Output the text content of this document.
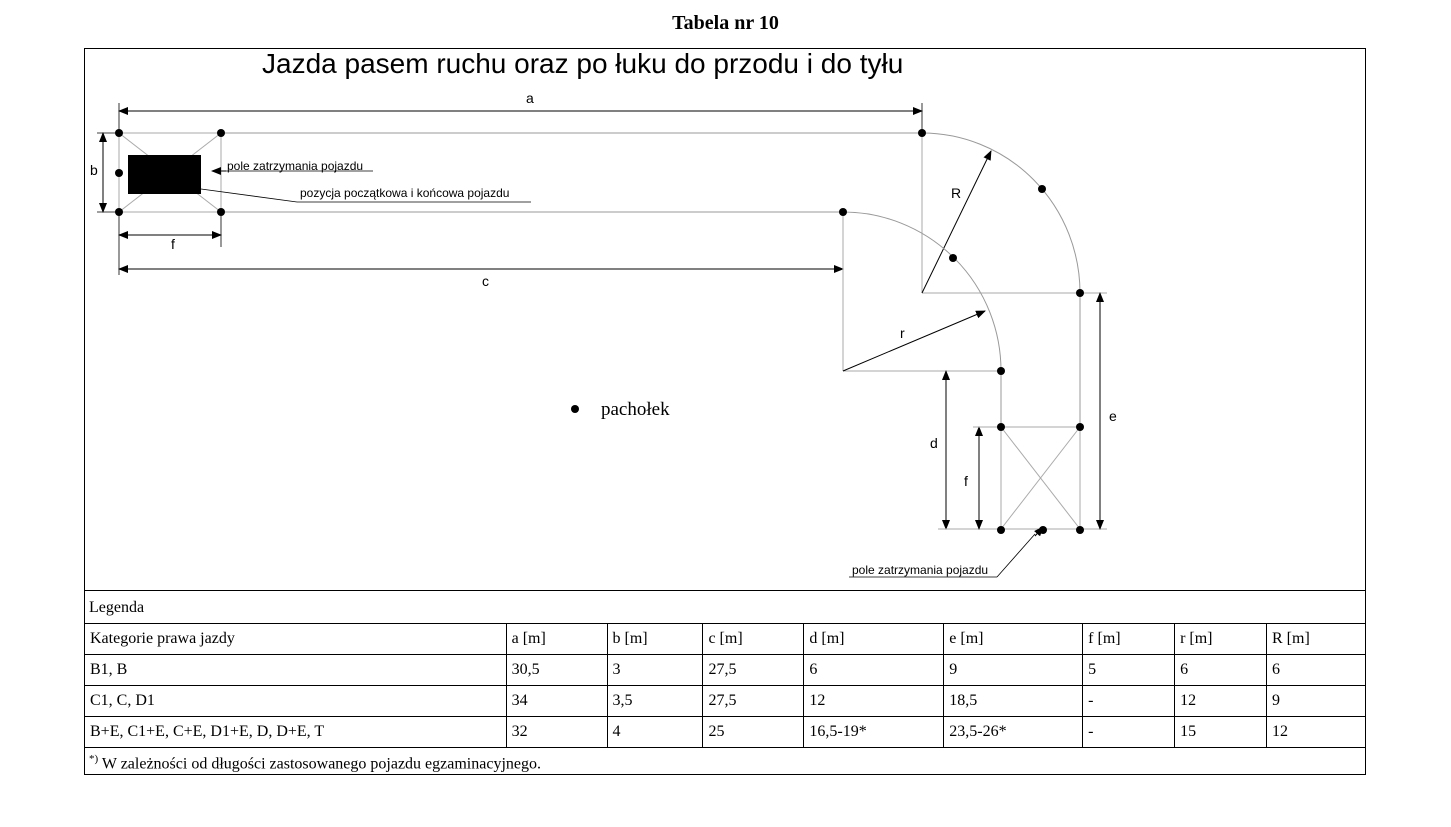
Tabela nr 10
Jazda pasem ruchu oraz po łuku do przodu i do tyłu
a
b
f
c
pole zatrzymania pojazdu
pozycja początkowa i końcowa pojazdu	R
r
d
f
e
pole zatrzymania pojazdu
pachołek
Legenda
Kategorie prawa jazdy	a [m]	b [m]	c [m]	d [m]	e [m]	f [m]	r [m]	R [m]
B1, B	30,5	3	27,5	6	9	5	6	6
C1, C, D1	34	3,5	27,5	12	18,5	-	12	9
B+E, C1+E, C+E, D1+E, D, D+E, T	32	4	25	16,5-19*	23,5-26*	-	15	12
*) W zależności od długości zastosowanego pojazdu egzaminacyjnego.
